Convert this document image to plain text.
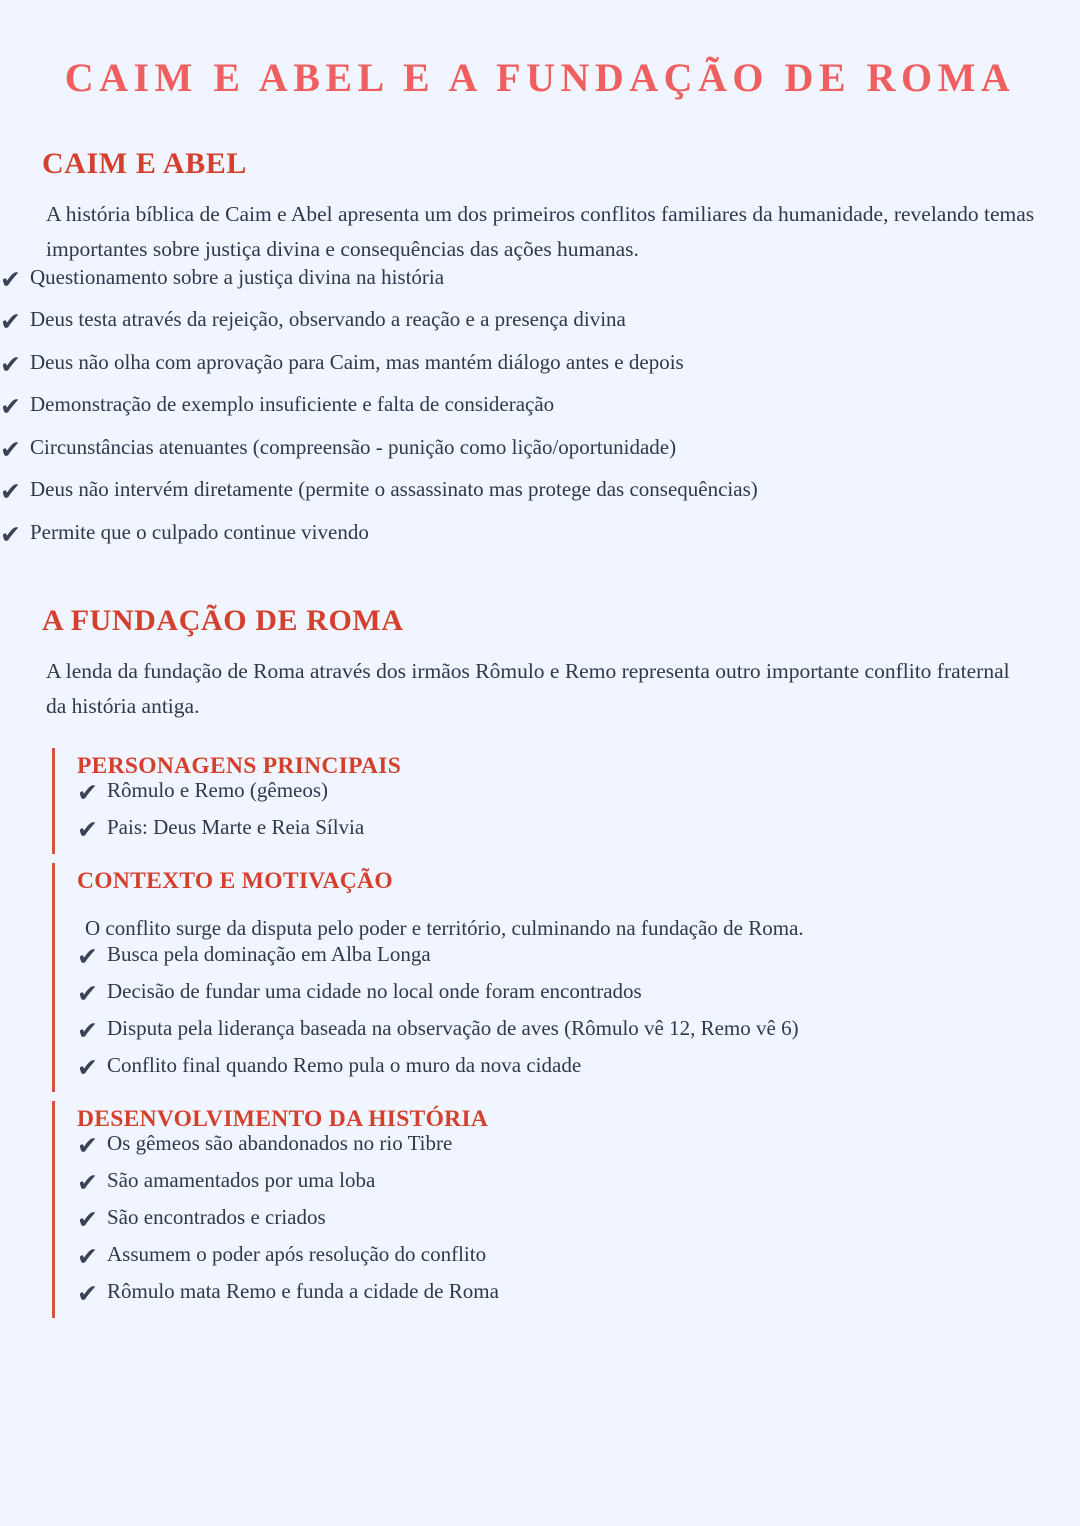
CAIM E ABEL E A FUNDAÇÃO DE ROMA
CAIM E ABEL

A história bíblica de Caim e Abel apresenta um dos primeiros conflitos familiares da humanidade, revelando temas importantes sobre justiça divina e consequências das ações humanas.

✔ Questionamento sobre a justiça divina na história
✔ Deus testa através da rejeição, observando a reação e a presença divina
✔ Deus não olha com aprovação para Caim, mas mantém diálogo antes e depois
✔ Demonstração de exemplo insuficiente e falta de consideração
✔ Circunstâncias atenuantes (compreensão - punição como lição/oportunidade)
✔ Deus não intervém diretamente (permite o assassinato mas protege das consequências)
✔ Permite que o culpado continue vivendo
A FUNDAÇÃO DE ROMA

A lenda da fundação de Roma através dos irmãos Rômulo e Remo representa outro importante conflito fraternal da história antiga.

PERSONAGENS PRINCIPAIS
✔ Rômulo e Remo (gêmeos)
✔ Pais: Deus Marte e Reia Sílvia
CONTEXTO E MOTIVAÇÃO

O conflito surge da disputa pelo poder e território, culminando na fundação de Roma.

✔ Busca pela dominação em Alba Longa
✔ Decisão de fundar uma cidade no local onde foram encontrados
✔ Disputa pela liderança baseada na observação de aves (Rômulo vê 12, Remo vê 6)
✔ Conflito final quando Remo pula o muro da nova cidade
DESENVOLVIMENTO DA HISTÓRIA
✔ Os gêmeos são abandonados no rio Tibre
✔ São amamentados por uma loba
✔ São encontrados e criados
✔ Assumem o poder após resolução do conflito
✔ Rômulo mata Remo e funda a cidade de Roma
